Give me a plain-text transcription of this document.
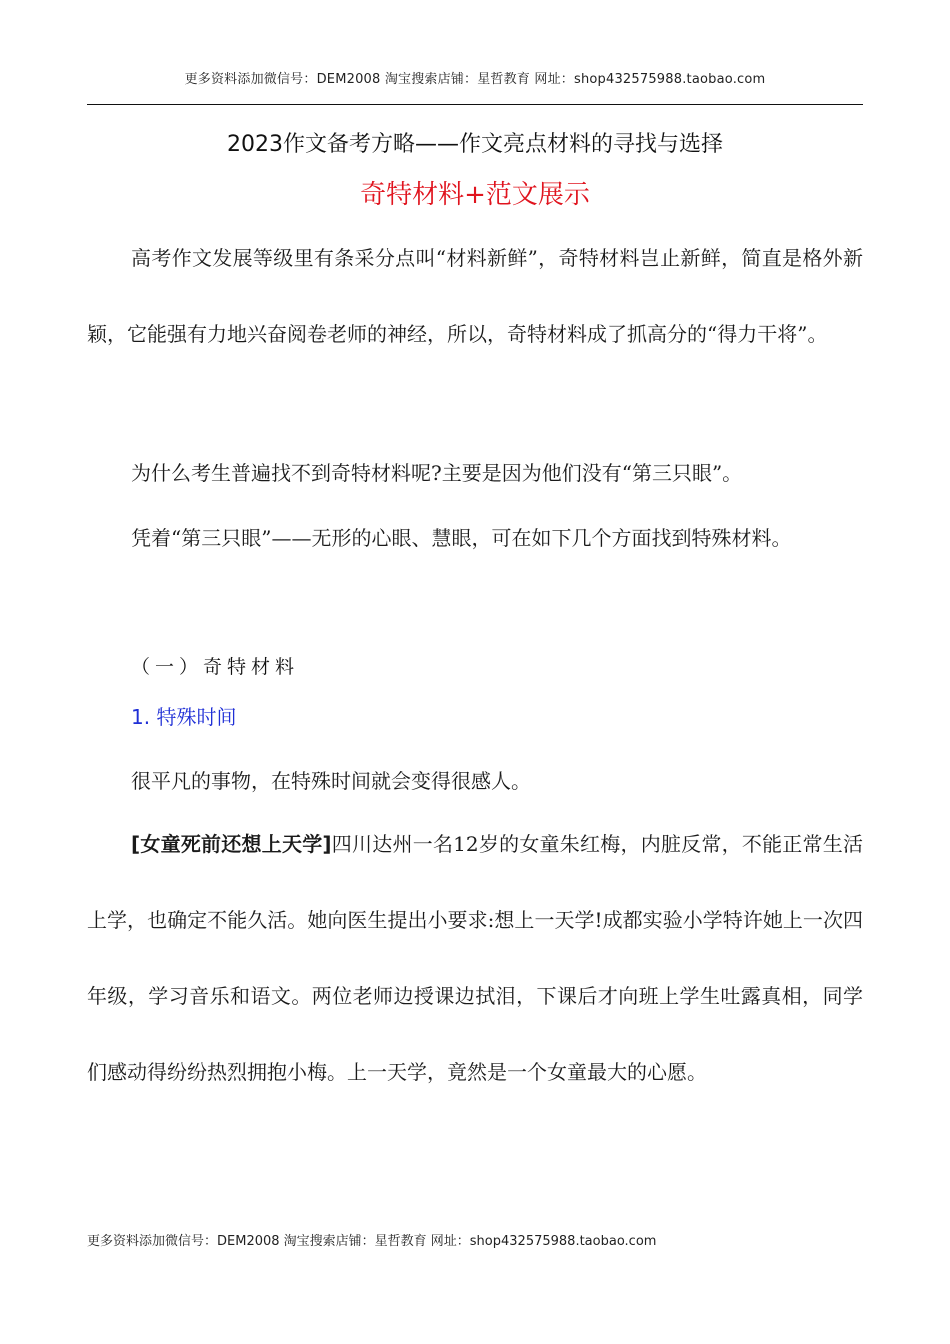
更多资料添加微信号：DEM2008 淘宝搜索店铺：星哲教育 网址：shop432575988.taobao.com
2023作文备考方略——作文亮点材料的寻找与选择
奇特材料+范文展示

高考作文发展等级里有条采分点叫“材料新鲜”，奇特材料岂止新鲜，简直是格外新颖，它能强有力地兴奋阅卷老师的神经，所以，奇特材料成了抓高分的“得力干将”。

为什么考生普遍找不到奇特材料呢?主要是因为他们没有“第三只眼”。

凭着“第三只眼”——无形的心眼、慧眼，可在如下几个方面找到特殊材料。

（一）奇特材料
1. 特殊时间

很平凡的事物，在特殊时间就会变得很感人。

[女童死前还想上天学]四川达州一名12岁的女童朱红梅，内脏反常，不能正常生活上学，也确定不能久活。她向医生提出小要求:想上一天学!成都实验小学特许她上一次四年级，学习音乐和语文。两位老师边授课边拭泪，下课后才向班上学生吐露真相，同学们感动得纷纷热烈拥抱小梅。上一天学，竟然是一个女童最大的心愿。

更多资料添加微信号：DEM2008 淘宝搜索店铺：星哲教育 网址：shop432575988.taobao.com
